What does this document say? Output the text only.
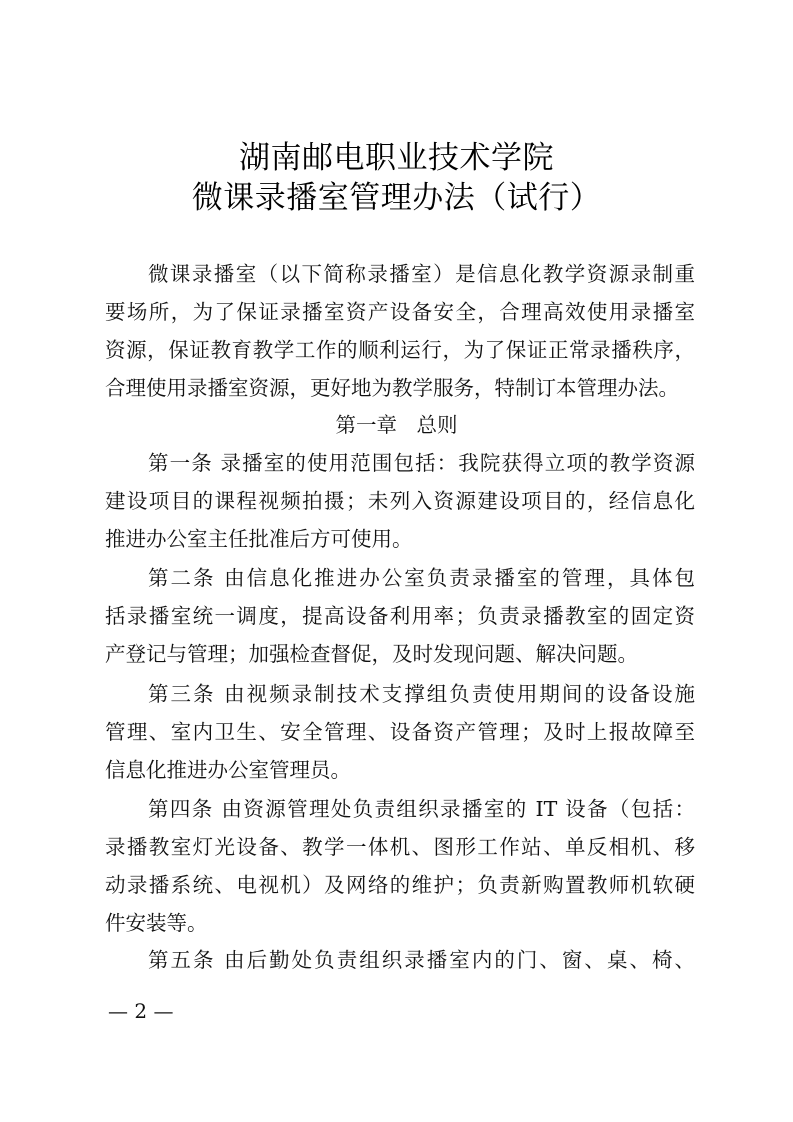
湖南邮电职业技术学院
微课录播室管理办法（试行）
微课录播室（以下简称录播室）是信息化教学资源录制重
要场所，为了保证录播室资产设备安全，合理高效使用录播室
资源，保证教育教学工作的顺利运行，为了保证正常录播秩序，
合理使用录播室资源，更好地为教学服务，特制订本管理办法。
第一章   总则
第一条 录播室的使用范围包括：我院获得立项的教学资源
建设项目的课程视频拍摄；未列入资源建设项目的，经信息化
推进办公室主任批准后方可使用。
第二条 由信息化推进办公室负责录播室的管理，具体包
括录播室统一调度，提高设备利用率；负责录播教室的固定资
产登记与管理；加强检查督促，及时发现问题、解决问题。
第三条 由视频录制技术支撑组负责使用期间的设备设施
管理、室内卫生、安全管理、设备资产管理；及时上报故障至
信息化推进办公室管理员。
第四条 由资源管理处负责组织录播室的 IT 设备（包括：
录播教室灯光设备、教学一体机、图形工作站、单反相机、移
动录播系统、电视机）及网络的维护；负责新购置教师机软硬
件安装等。
第五条 由后勤处负责组织录播室内的门、窗、桌、椅、
— 2 —
